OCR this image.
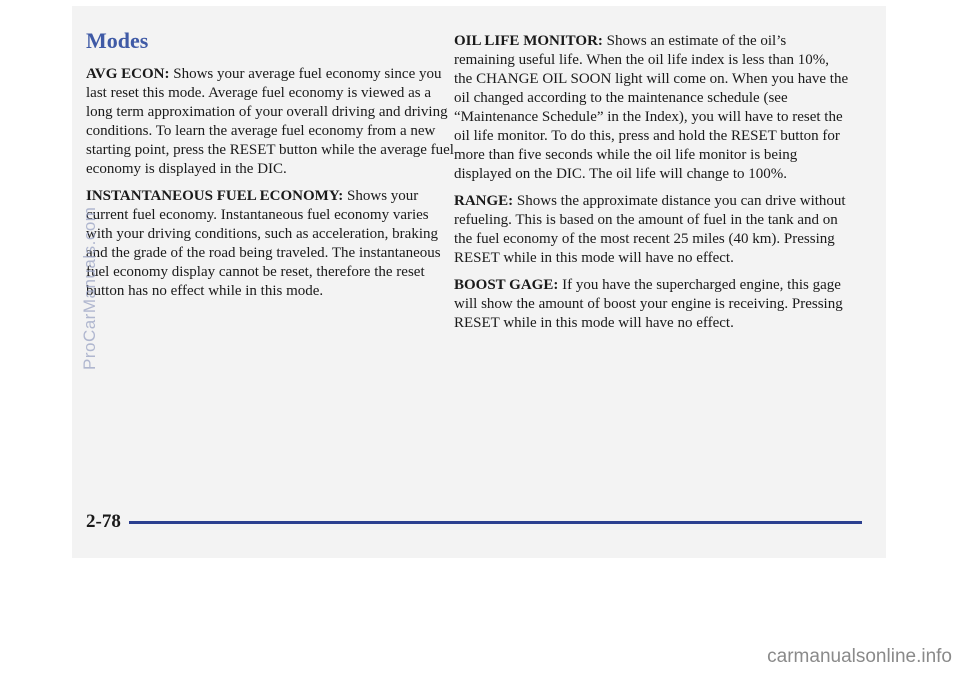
Modes

AVG ECON: Shows your average fuel economy since you last reset this mode. Average fuel economy is viewed as a long term approximation of your overall driving and driving conditions. To learn the average fuel economy from a new starting point, press the RESET button while the average fuel economy is displayed in the DIC.

INSTANTANEOUS FUEL ECONOMY: Shows your current fuel economy. Instantaneous fuel economy varies with your driving conditions, such as acceleration, braking and the grade of the road being traveled. The instantaneous fuel economy display cannot be reset, therefore the reset button has no effect while in this mode.

OIL LIFE MONITOR: Shows an estimate of the oil’s remaining useful life. When the oil life index is less than 10%, the CHANGE OIL SOON light will come on. When you have the oil changed according to the maintenance schedule (see “Maintenance Schedule” in the Index), you will have to reset the oil life monitor. To do this, press and hold the RESET button for more than five seconds while the oil life monitor is being displayed on the DIC. The oil life will change to 100%.

RANGE: Shows the approximate distance you can drive without refueling. This is based on the amount of fuel in the tank and on the fuel economy of the most recent 25 miles (40 km). Pressing RESET while in this mode will have no effect.

BOOST GAGE: If you have the supercharged engine, this gage will show the amount of boost your engine is receiving. Pressing RESET while in this mode will have no effect.

2-78
ProCarManuals.com
carmanualsonline.info
